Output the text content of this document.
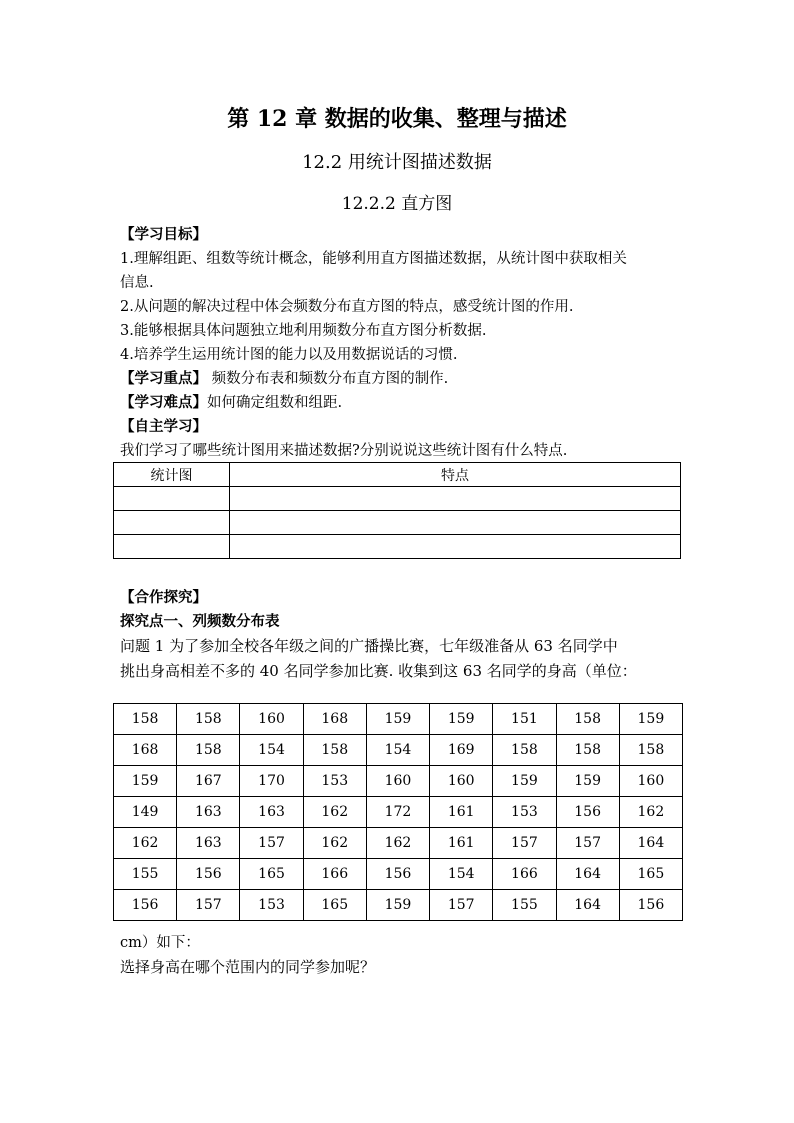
第 12 章 数据的收集、整理与描述
12.2 用统计图描述数据
12.2.2 直方图
【学习目标】
1.理解组距、组数等统计概念，能够利用直方图描述数据，从统计图中获取相关
信息.
2.从问题的解决过程中体会频数分布直方图的特点，感受统计图的作用.
3.能够根据具体问题独立地利用频数分布直方图分析数据.
4.培养学生运用统计图的能力以及用数据说话的习惯.
【学习重点】 频数分布表和频数分布直方图的制作.
【学习难点】如何确定组数和组距.
【自主学习】
我们学习了哪些统计图用来描述数据?分别说说这些统计图有什么特点.
统计图	特点

【合作探究】
探究点一、列频数分布表
问题 1 为了参加全校各年级之间的广播操比赛，七年级准备从 63 名同学中
挑出身高相差不多的 40 名同学参加比赛. 收集到这 63 名同学的身高（单位：
158	158	160	168	159	159	151	158	159
168	158	154	158	154	169	158	158	158
159	167	170	153	160	160	159	159	160
149	163	163	162	172	161	153	156	162
162	163	157	162	162	161	157	157	164
155	156	165	166	156	154	166	164	165
156	157	153	165	159	157	155	164	156
cm）如下：
选择身高在哪个范围内的同学参加呢？
